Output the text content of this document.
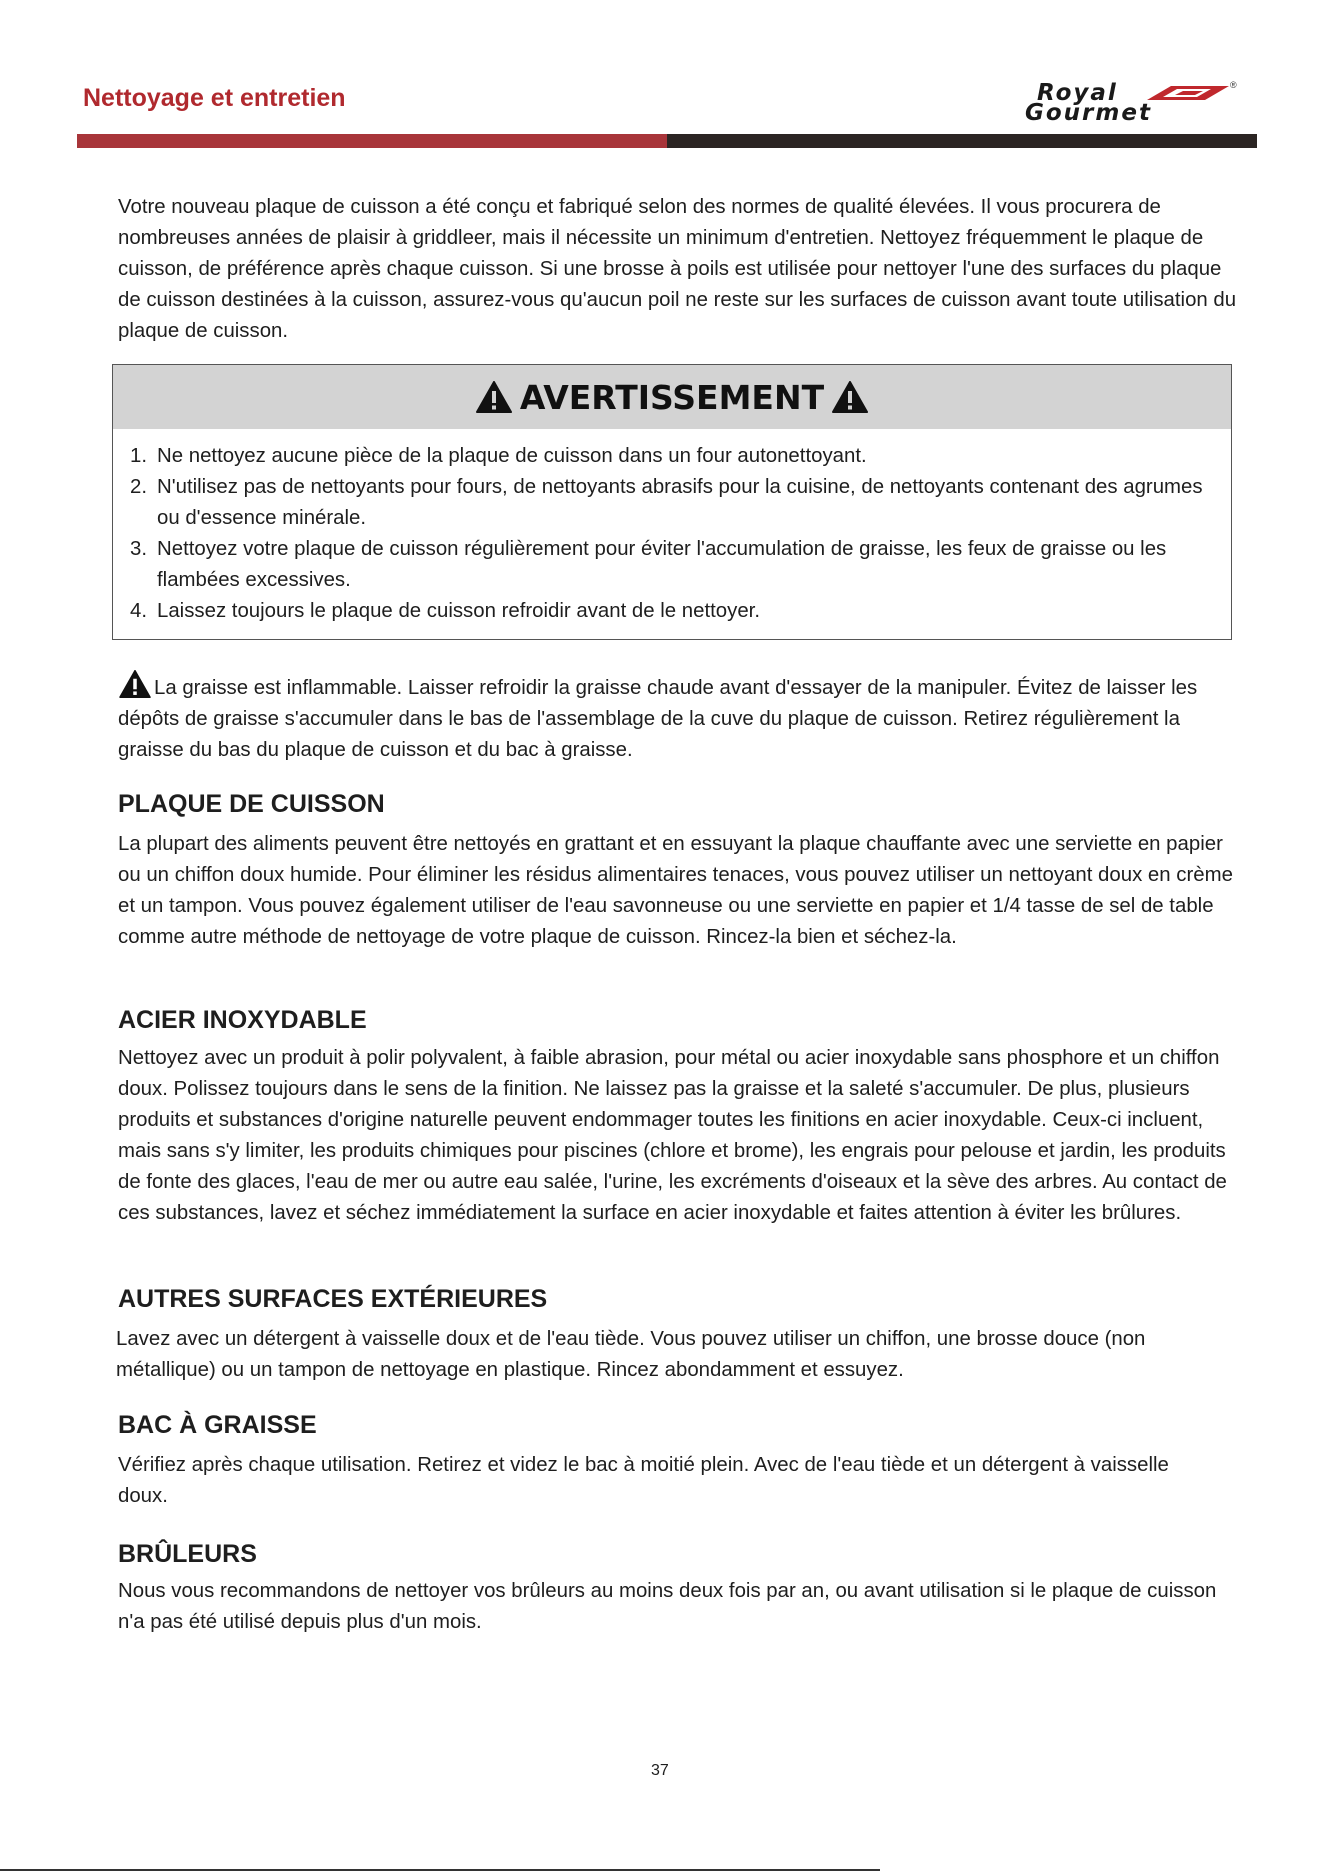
Nettoyage et entretien	Royal	®
Gourmet
Votre nouveau plaque de cuisson a été conçu et fabriqué selon des normes de qualité élevées. Il vous procurera de nombreuses années de plaisir à griddleer, mais il nécessite un minimum d'entretien. Nettoyez fréquemment le plaque de cuisson, de préférence après chaque cuisson. Si une brosse à poils est utilisée pour nettoyer l'une des surfaces du plaque de cuisson destinées à la cuisson, assurez-vous qu'aucun poil ne reste sur les surfaces de cuisson avant toute utilisation du plaque de cuisson.
AVERTISSEMENT
1. Ne nettoyez aucune pièce de la plaque de cuisson dans un four autonettoyant.
2. N'utilisez pas de nettoyants pour fours, de nettoyants abrasifs pour la cuisine, de nettoyants contenant des agrumes ou d'essence minérale.
3. Nettoyez votre plaque de cuisson régulièrement pour éviter l'accumulation de graisse, les feux de graisse ou les flambées excessives.
4. Laissez toujours le plaque de cuisson refroidir avant de le nettoyer.
La graisse est inflammable. Laisser refroidir la graisse chaude avant d'essayer de la manipuler. Évitez de laisser les dépôts de graisse s'accumuler dans le bas de l'assemblage de la cuve du plaque de cuisson. Retirez régulièrement la graisse du bas du plaque de cuisson et du bac à graisse.
PLAQUE DE CUISSON
La plupart des aliments peuvent être nettoyés en grattant et en essuyant la plaque chauffante avec une serviette en papier ou un chiffon doux humide. Pour éliminer les résidus alimentaires tenaces, vous pouvez utiliser un nettoyant doux en crème et un tampon. Vous pouvez également utiliser de l'eau savonneuse ou une serviette en papier et 1/4 tasse de sel de table comme autre méthode de nettoyage de votre plaque de cuisson. Rincez-la bien et séchez-la.
ACIER INOXYDABLE
Nettoyez avec un produit à polir polyvalent, à faible abrasion, pour métal ou acier inoxydable sans phosphore et un chiffon doux. Polissez toujours dans le sens de la finition. Ne laissez pas la graisse et la saleté s'accumuler. De plus, plusieurs produits et substances d'origine naturelle peuvent endommager toutes les finitions en acier inoxydable. Ceux-ci incluent, mais sans s'y limiter, les produits chimiques pour piscines (chlore et brome), les engrais pour pelouse et jardin, les produits de fonte des glaces, l'eau de mer ou autre eau salée, l'urine, les excréments d'oiseaux et la sève des arbres. Au contact de ces substances, lavez et séchez immédiatement la surface en acier inoxydable et faites attention à éviter les brûlures.
AUTRES SURFACES EXTÉRIEURES
Lavez avec un détergent à vaisselle doux et de l'eau tiède. Vous pouvez utiliser un chiffon, une brosse douce (non métallique) ou un tampon de nettoyage en plastique. Rincez abondamment et essuyez.
BAC À GRAISSE
Vérifiez après chaque utilisation. Retirez et videz le bac à moitié plein. Avec de l'eau tiède et un détergent à vaisselle doux.
BRÛLEURS
Nous vous recommandons de nettoyer vos brûleurs au moins deux fois par an, ou avant utilisation si le plaque de cuisson n'a pas été utilisé depuis plus d'un mois.
37
